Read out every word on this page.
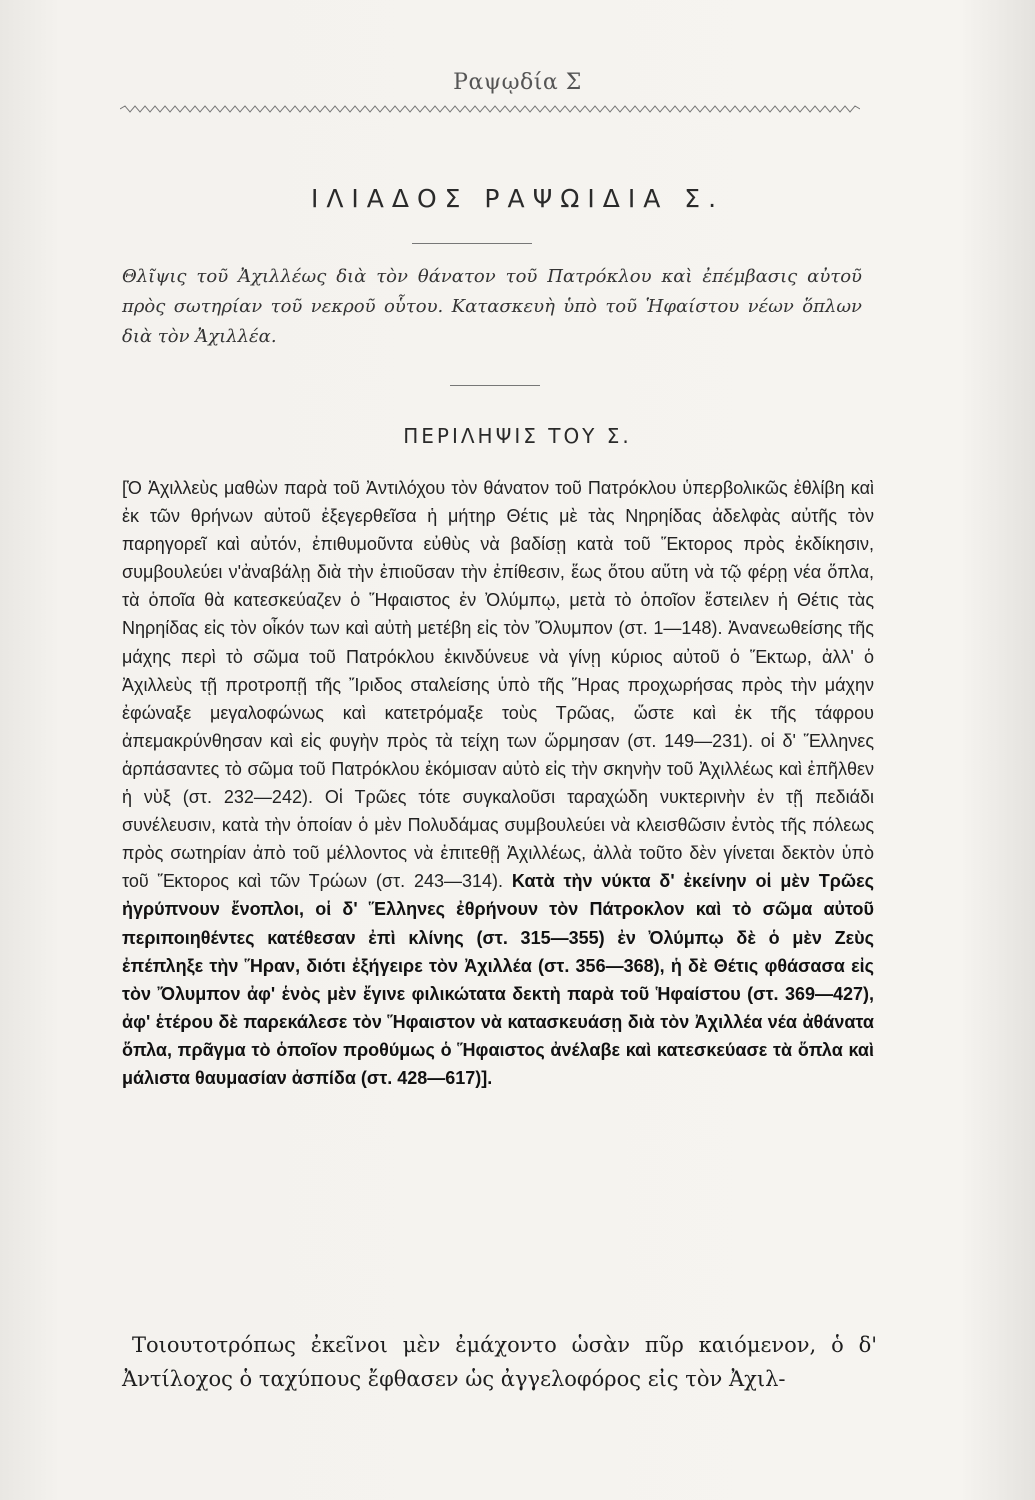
Ραψῳδία Σ
ΙΛΙΑΔΟΣ ΡΑΨΩΙΔΙΑ Σ.
Θλῖψις τοῦ Ἀχιλλέως διὰ τὸν θάνατον τοῦ Πατρόκλου καὶ ἐπέμβασις αὐτοῦ πρὸς σωτηρίαν τοῦ νεκροῦ οὗτου. Κατασκευὴ ὑπὸ τοῦ Ἡφαίστου νέων ὅπλων διὰ τὸν Ἀχιλλέα.
ΠΕΡΙΛΗΨΙΣ ΤΟΥ Σ.
[Ὁ Ἀχιλλεὺς μαθὼν παρὰ τοῦ Ἀντιλόχου τὸν θάνατον τοῦ Πατρόκλου ὑπερβολικῶς ἐθλίβη καὶ ἐκ τῶν θρήνων αὐτοῦ ἐξεγερθεῖσα ἡ μήτηρ Θέτις μὲ τὰς Νηρηίδας ἀδελφὰς αὐτῆς τὸν παρηγορεῖ καὶ αὐτόν, ἐπιθυμοῦντα εὐθὺς νὰ βαδίσῃ κατὰ τοῦ Ἕκτορος πρὸς ἐκδίκησιν, συμβουλεύει ν'ἀναβάλῃ διὰ τὴν ἐπιοῦσαν τὴν ἐπίθεσιν, ἕως ὅτου αὕτη νὰ τῷ φέρῃ νέα ὅπλα, τὰ ὁποῖα θὰ κατεσκεύαζεν ὁ Ἥφαιστος ἐν Ὀλύμπῳ, μετὰ τὸ ὁποῖον ἔστειλεν ἡ Θέτις τὰς Νηρηίδας εἰς τὸν οἶκόν των καὶ αὐτὴ μετέβη εἰς τὸν Ὄλυμπον (στ. 1—148). Ἀνανεωθείσης τῆς μάχης περὶ τὸ σῶμα τοῦ Πατρόκλου ἐκινδύνευε νὰ γίνῃ κύριος αὐτοῦ ὁ Ἕκτωρ, ἀλλ' ὁ Ἀχιλλεὺς τῇ προτροπῇ τῆς Ἴριδος σταλείσης ὑπὸ τῆς Ἥρας προχωρήσας πρὸς τὴν μάχην ἐφώναξε μεγαλοφώνως καὶ κατετρόμαξε τοὺς Τρῶας, ὥστε καὶ ἐκ τῆς τάφρου ἀπεμακρύνθησαν καὶ εἰς φυγὴν πρὸς τὰ τείχη των ὥρμησαν (στ. 149—231). οἱ δ' Ἕλληνες ἁρπάσαντες τὸ σῶμα τοῦ Πατρόκλου ἐκόμισαν αὐτὸ εἰς τὴν σκηνὴν τοῦ Ἀχιλλέως καὶ ἐπῆλθεν ἡ νὺξ (στ. 232—242). Οἱ Τρῶες τότε συγκαλοῦσι ταραχώδη νυκτερινὴν ἐν τῇ πεδιάδι συνέλευσιν, κατὰ τὴν ὁποίαν ὁ μὲν Πολυδάμας συμβουλεύει νὰ κλεισθῶσιν ἐντὸς τῆς πόλεως πρὸς σωτηρίαν ἀπὸ τοῦ μέλλοντος νὰ ἐπιτεθῇ Ἀχιλλέως, ἀλλὰ τοῦτο δὲν γίνεται δεκτὸν ὑπὸ τοῦ Ἕκτορος καὶ τῶν Τρώων (στ. 243—314). Κατὰ τὴν νύκτα δ' ἐκείνην οἱ μὲν Τρῶες ἠγρύπνουν ἔνοπλοι, οἱ δ' Ἕλληνες ἐθρήνουν τὸν Πάτροκλον καὶ τὸ σῶμα αὐτοῦ περιποιηθέντες κατέθεσαν ἐπὶ κλίνης (στ. 315—355) ἐν Ὀλύμπῳ δὲ ὁ μὲν Ζεὺς ἐπέπληξε τὴν Ἥραν, διότι ἐξήγειρε τὸν Ἀχιλλέα (στ. 356—368), ἡ δὲ Θέτις φθάσασα εἰς τὸν Ὄλυμπον ἀφ' ἑνὸς μὲν ἔγινε φιλικώτατα δεκτὴ παρὰ τοῦ Ἡφαίστου (στ. 369—427), ἀφ' ἑτέρου δὲ παρεκάλεσε τὸν Ἥφαιστον νὰ κατασκευάσῃ διὰ τὸν Ἀχιλλέα νέα ἀθάνατα ὅπλα, πρᾶγμα τὸ ὁποῖον προθύμως ὁ Ἥφαιστος ἀνέλαβε καὶ κατεσκεύασε τὰ ὅπλα καὶ μάλιστα θαυμασίαν ἀσπίδα (στ. 428—617)].
Τοιουτοτρόπως ἐκεῖνοι μὲν ἐμάχοντο ὡσὰν πῦρ καιόμενον, ὁ δ' Ἀντίλοχος ὁ ταχύπους ἔφθασεν ὡς ἀγγελοφόρος εἰς τὸν Ἀχιλ-
